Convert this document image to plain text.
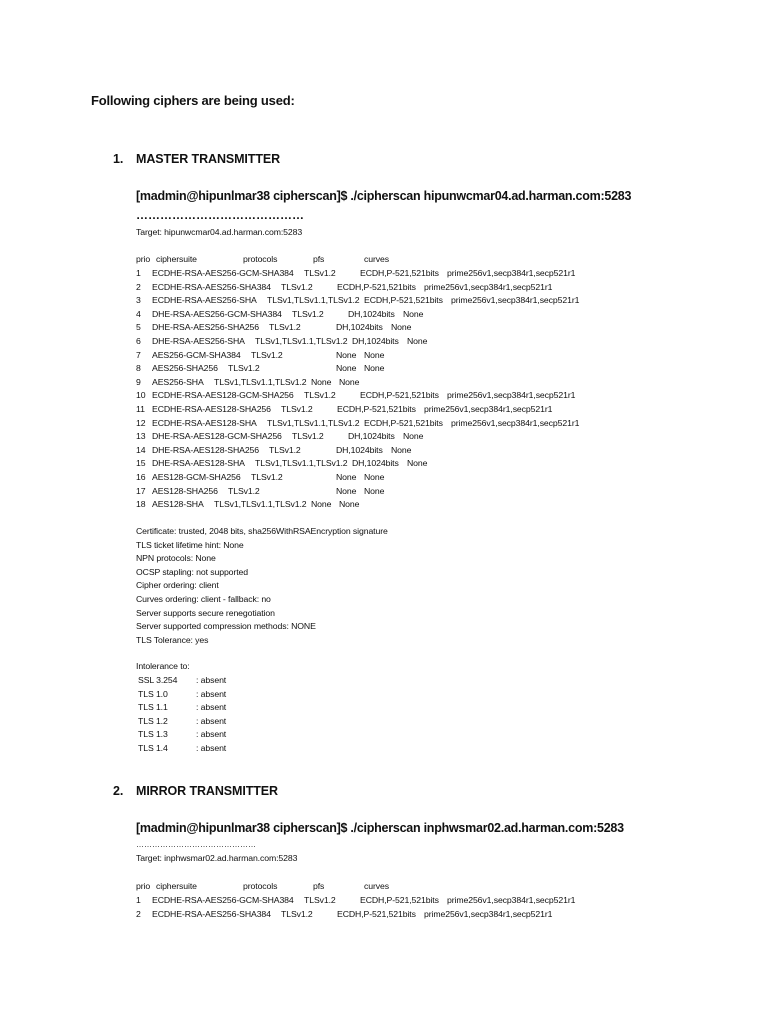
Following ciphers are being used:
1. MASTER TRANSMITTER
[madmin@hipunlmar38 cipherscan]$ ./cipherscan hipunwcmar04.ad.harman.com:5283
……………………………………
Target: hipunwcmar04.ad.harman.com:5283
prio ciphersuite	protocols	pfs	curves
1 ECDHE-RSA-AES256-GCM-SHA384 TLSv1.2	ECDH,P-521,521bits prime256v1,secp384r1,secp521r1
2 ECDHE-RSA-AES256-SHA384 TLSv1.2	ECDH,P-521,521bits prime256v1,secp384r1,secp521r1
3 ECDHE-RSA-AES256-SHA TLSv1,TLSv1.1,TLSv1.2 ECDH,P-521,521bits prime256v1,secp384r1,secp521r1
4 DHE-RSA-AES256-GCM-SHA384 TLSv1.2	DH,1024bits None
5 DHE-RSA-AES256-SHA256 TLSv1.2	DH,1024bits None
6 DHE-RSA-AES256-SHA TLSv1,TLSv1.1,TLSv1.2 DH,1024bits None
7 AES256-GCM-SHA384 TLSv1.2	None None
8 AES256-SHA256 TLSv1.2	None None
9 AES256-SHA TLSv1,TLSv1.1,TLSv1.2 None None
10 ECDHE-RSA-AES128-GCM-SHA256 TLSv1.2	ECDH,P-521,521bits prime256v1,secp384r1,secp521r1
11 ECDHE-RSA-AES128-SHA256 TLSv1.2	ECDH,P-521,521bits prime256v1,secp384r1,secp521r1
12 ECDHE-RSA-AES128-SHA TLSv1,TLSv1.1,TLSv1.2 ECDH,P-521,521bits prime256v1,secp384r1,secp521r1
13 DHE-RSA-AES128-GCM-SHA256 TLSv1.2	DH,1024bits None
14 DHE-RSA-AES128-SHA256 TLSv1.2	DH,1024bits None
15 DHE-RSA-AES128-SHA TLSv1,TLSv1.1,TLSv1.2 DH,1024bits None
16 AES128-GCM-SHA256 TLSv1.2	None None
17 AES128-SHA256 TLSv1.2	None None
18 AES128-SHA TLSv1,TLSv1.1,TLSv1.2 None None
Certificate: trusted, 2048 bits, sha256WithRSAEncryption signature
TLS ticket lifetime hint: None
NPN protocols: None
OCSP stapling: not supported
Cipher ordering: client
Curves ordering: client - fallback: no
Server supports secure renegotiation
Server supported compression methods: NONE
TLS Tolerance: yes
Intolerance to:
SSL 3.254 : absent
TLS 1.0	: absent
TLS 1.1	: absent
TLS 1.2	: absent
TLS 1.3	: absent
TLS 1.4	: absent
2. MIRROR TRANSMITTER
[madmin@hipunlmar38 cipherscan]$ ./cipherscan inphwsmar02.ad.harman.com:5283
………………………………………
Target: inphwsmar02.ad.harman.com:5283
prio ciphersuite	protocols	pfs	curves
1 ECDHE-RSA-AES256-GCM-SHA384 TLSv1.2	ECDH,P-521,521bits prime256v1,secp384r1,secp521r1
2 ECDHE-RSA-AES256-SHA384 TLSv1.2	ECDH,P-521,521bits prime256v1,secp384r1,secp521r1
